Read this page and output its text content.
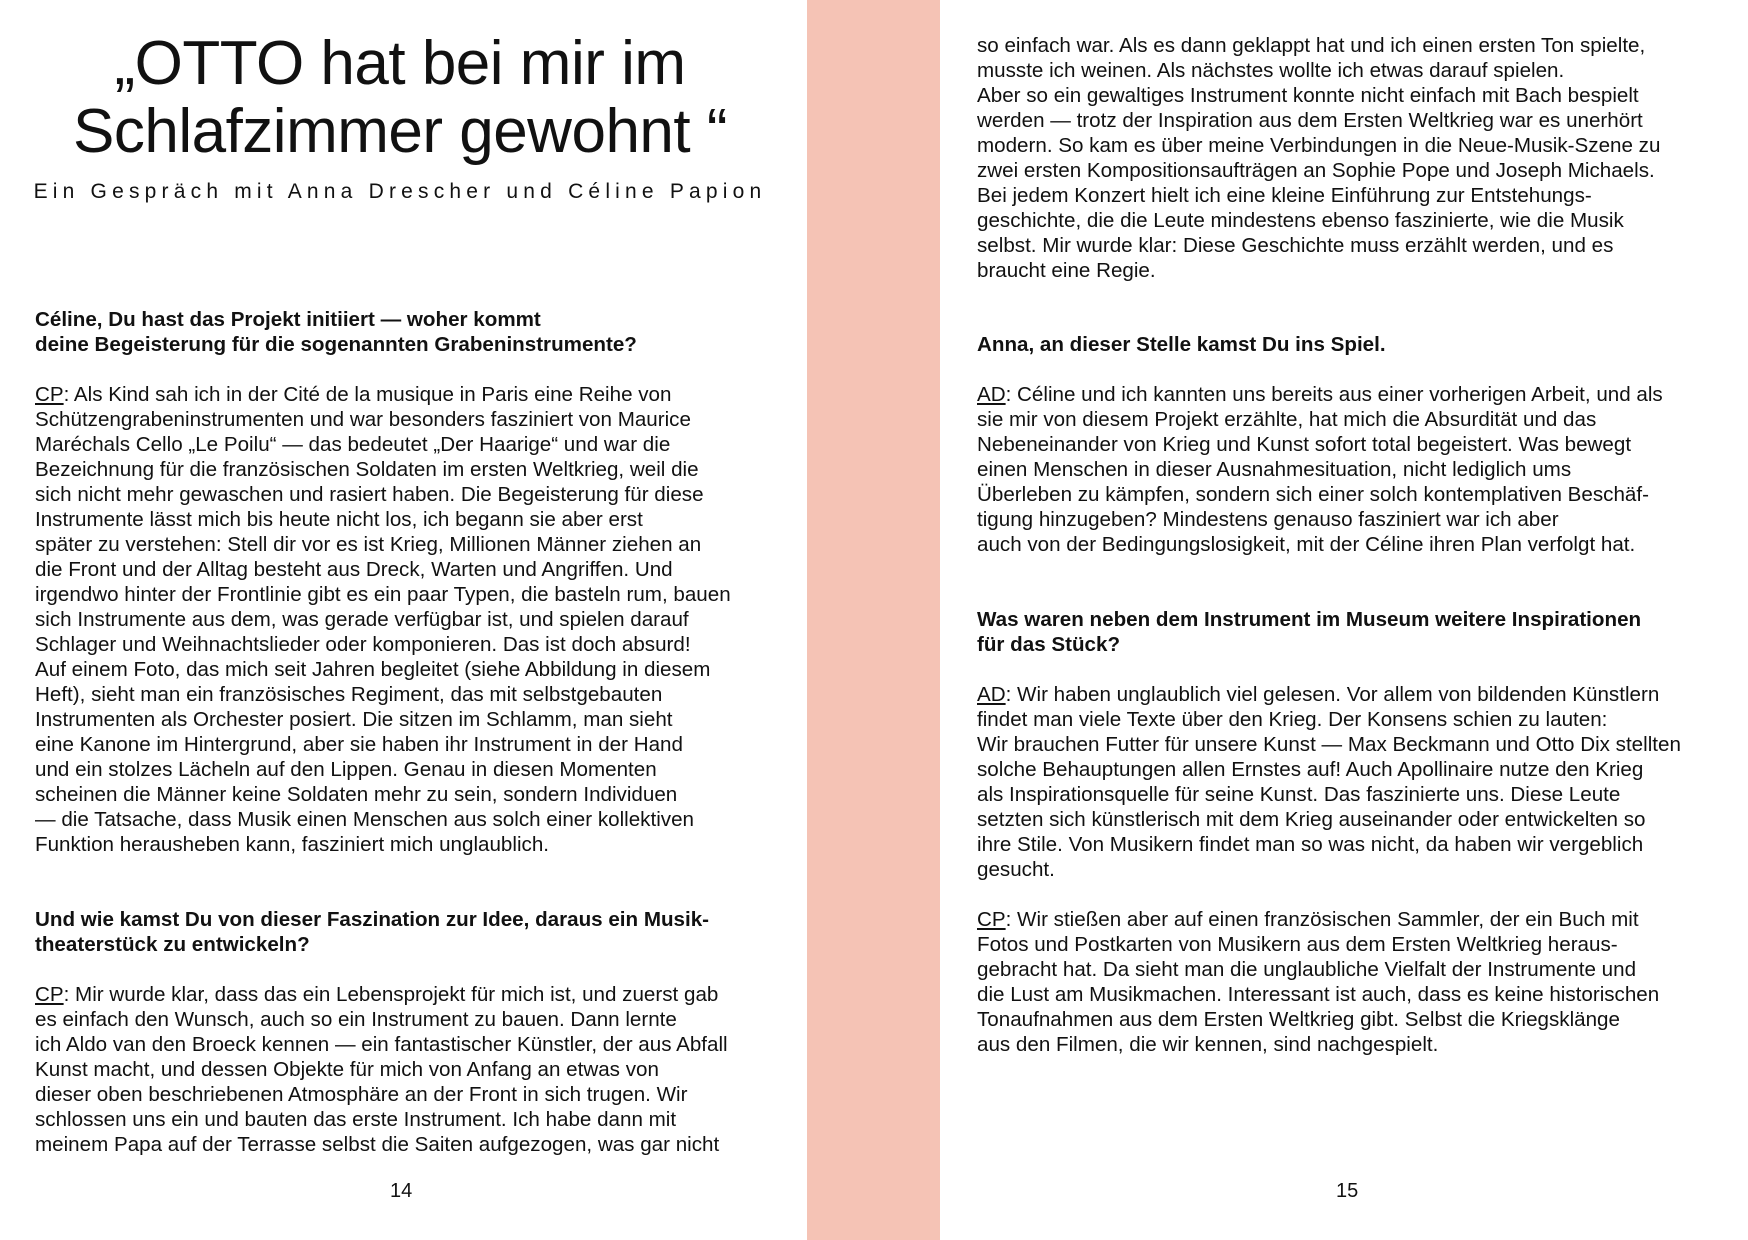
„OTTO hat bei mir im
Schlafzimmer gewohnt “

Ein Gespräch mit Anna Drescher und Céline Papion

Céline, Du hast das Projekt initiiert — woher kommt
deine Begeisterung für die sogenannten Grabeninstrumente?

CP: Als Kind sah ich in der Cité de la musique in Paris eine Reihe von
Schützengrabeninstrumenten und war besonders fasziniert von Maurice
Maréchals Cello „Le Poilu“ — das bedeutet „Der Haarige“ und war die
Bezeichnung für die französischen Soldaten im ersten Weltkrieg, weil die
sich nicht mehr gewaschen und rasiert haben. Die Begeisterung für diese
Instrumente lässt mich bis heute nicht los, ich begann sie aber erst
später zu verstehen: Stell dir vor es ist Krieg, Millionen Männer ziehen an
die Front und der Alltag besteht aus Dreck, Warten und Angriffen. Und
irgendwo hinter der Frontlinie gibt es ein paar Typen, die basteln rum, bauen
sich Instrumente aus dem, was gerade verfügbar ist, und spielen darauf
Schlager und Weihnachtslieder oder komponieren. Das ist doch absurd!
Auf einem Foto, das mich seit Jahren begleitet (siehe Abbildung in diesem
Heft), sieht man ein französisches Regiment, das mit selbstgebauten
Instrumenten als Orchester posiert. Die sitzen im Schlamm, man sieht
eine Kanone im Hintergrund, aber sie haben ihr Instrument in der Hand
und ein stolzes Lächeln auf den Lippen. Genau in diesen Momenten
scheinen die Männer keine Soldaten mehr zu sein, sondern Individuen
— die Tatsache, dass Musik einen Menschen aus solch einer kollektiven
Funktion herausheben kann, fasziniert mich unglaublich.

Und wie kamst Du von dieser Faszination zur Idee, daraus ein Musik-
theaterstück zu entwickeln?

CP: Mir wurde klar, dass das ein Lebensprojekt für mich ist, und zuerst gab
es einfach den Wunsch, auch so ein Instrument zu bauen. Dann lernte
ich Aldo van den Broeck kennen — ein fantastischer Künstler, der aus Abfall
Kunst macht, und dessen Objekte für mich von Anfang an etwas von
dieser oben beschriebenen Atmosphäre an der Front in sich trugen. Wir
schlossen uns ein und bauten das erste Instrument. Ich habe dann mit
meinem Papa auf der Terrasse selbst die Saiten aufgezogen, was gar nicht

14

so einfach war. Als es dann geklappt hat und ich einen ersten Ton spielte,
musste ich weinen. Als nächstes wollte ich etwas darauf spielen.
Aber so ein gewaltiges Instrument konnte nicht einfach mit Bach bespielt
werden — trotz der Inspiration aus dem Ersten Weltkrieg war es unerhört
modern. So kam es über meine Verbindungen in die Neue-Musik-Szene zu
zwei ersten Kompositionsaufträgen an Sophie Pope und Joseph Michaels.
Bei jedem Konzert hielt ich eine kleine Einführung zur Entstehungs-
geschichte, die die Leute mindestens ebenso faszinierte, wie die Musik
selbst. Mir wurde klar: Diese Geschichte muss erzählt werden, und es
braucht eine Regie.

Anna, an dieser Stelle kamst Du ins Spiel.

AD: Céline und ich kannten uns bereits aus einer vorherigen Arbeit, und als
sie mir von diesem Projekt erzählte, hat mich die Absurdität und das
Nebeneinander von Krieg und Kunst sofort total begeistert. Was bewegt
einen Menschen in dieser Ausnahmesituation, nicht lediglich ums
Überleben zu kämpfen, sondern sich einer solch kontemplativen Beschäf-
tigung hinzugeben? Mindestens genauso fasziniert war ich aber
auch von der Bedingungslosigkeit, mit der Céline ihren Plan verfolgt hat.

Was waren neben dem Instrument im Museum weitere Inspirationen
für das Stück?

AD: Wir haben unglaublich viel gelesen. Vor allem von bildenden Künstlern
findet man viele Texte über den Krieg. Der Konsens schien zu lauten:
Wir brauchen Futter für unsere Kunst — Max Beckmann und Otto Dix stellten
solche Behauptungen allen Ernstes auf! Auch Apollinaire nutze den Krieg
als Inspirationsquelle für seine Kunst. Das faszinierte uns. Diese Leute
setzten sich künstlerisch mit dem Krieg auseinander oder entwickelten so
ihre Stile. Von Musikern findet man so was nicht, da haben wir vergeblich
gesucht.

CP: Wir stießen aber auf einen französischen Sammler, der ein Buch mit
Fotos und Postkarten von Musikern aus dem Ersten Weltkrieg heraus-
gebracht hat. Da sieht man die unglaubliche Vielfalt der Instrumente und
die Lust am Musikmachen. Interessant ist auch, dass es keine historischen
Tonaufnahmen aus dem Ersten Weltkrieg gibt. Selbst die Kriegsklänge
aus den Filmen, die wir kennen, sind nachgespielt.

15
